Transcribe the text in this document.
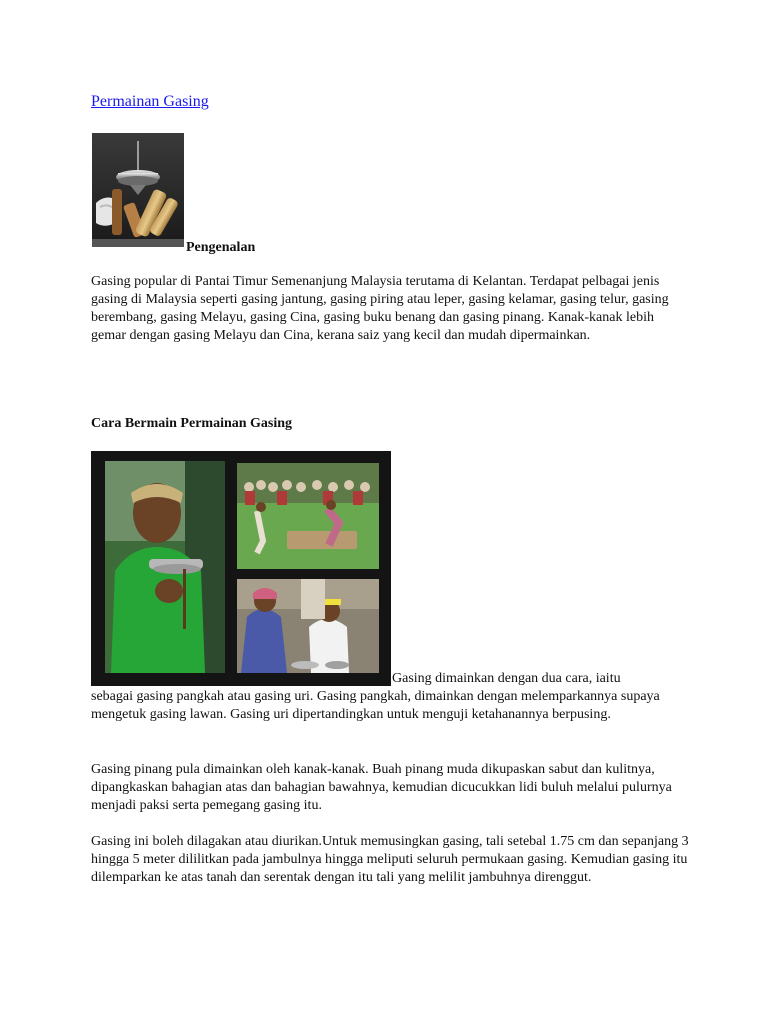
Permainan Gasing
Pengenalan

Gasing popular di Pantai Timur Semenanjung Malaysia terutama di Kelantan. Terdapat pelbagai jenis gasing di Malaysia seperti gasing jantung, gasing piring atau leper, gasing kelamar, gasing telur, gasing berembang, gasing Melayu, gasing Cina, gasing buku benang dan gasing pinang. Kanak-kanak lebih gemar dengan gasing Melayu dan Cina, kerana saiz yang kecil dan mudah dipermainkan.

Cara Bermain Permainan Gasing
Gasing dimainkan dengan dua cara, iaitu

sebagai gasing pangkah atau gasing uri. Gasing pangkah, dimainkan dengan melemparkannya supaya mengetuk gasing lawan. Gasing uri dipertandingkan untuk menguji ketahanannya berpusing.

Gasing pinang pula dimainkan oleh kanak-kanak. Buah pinang muda dikupaskan sabut dan kulitnya, dipangkaskan bahagian atas dan bahagian bawahnya, kemudian dicucukkan lidi buluh melalui pulurnya menjadi paksi serta pemegang gasing itu.

Gasing ini boleh dilagakan atau diurikan.Untuk memusingkan gasing, tali setebal 1.75 cm dan sepanjang 3 hingga 5 meter dililitkan pada jambulnya hingga meliputi seluruh permukaan gasing. Kemudian gasing itu dilemparkan ke atas tanah dan serentak dengan itu tali yang melilit jambuhnya direnggut.
